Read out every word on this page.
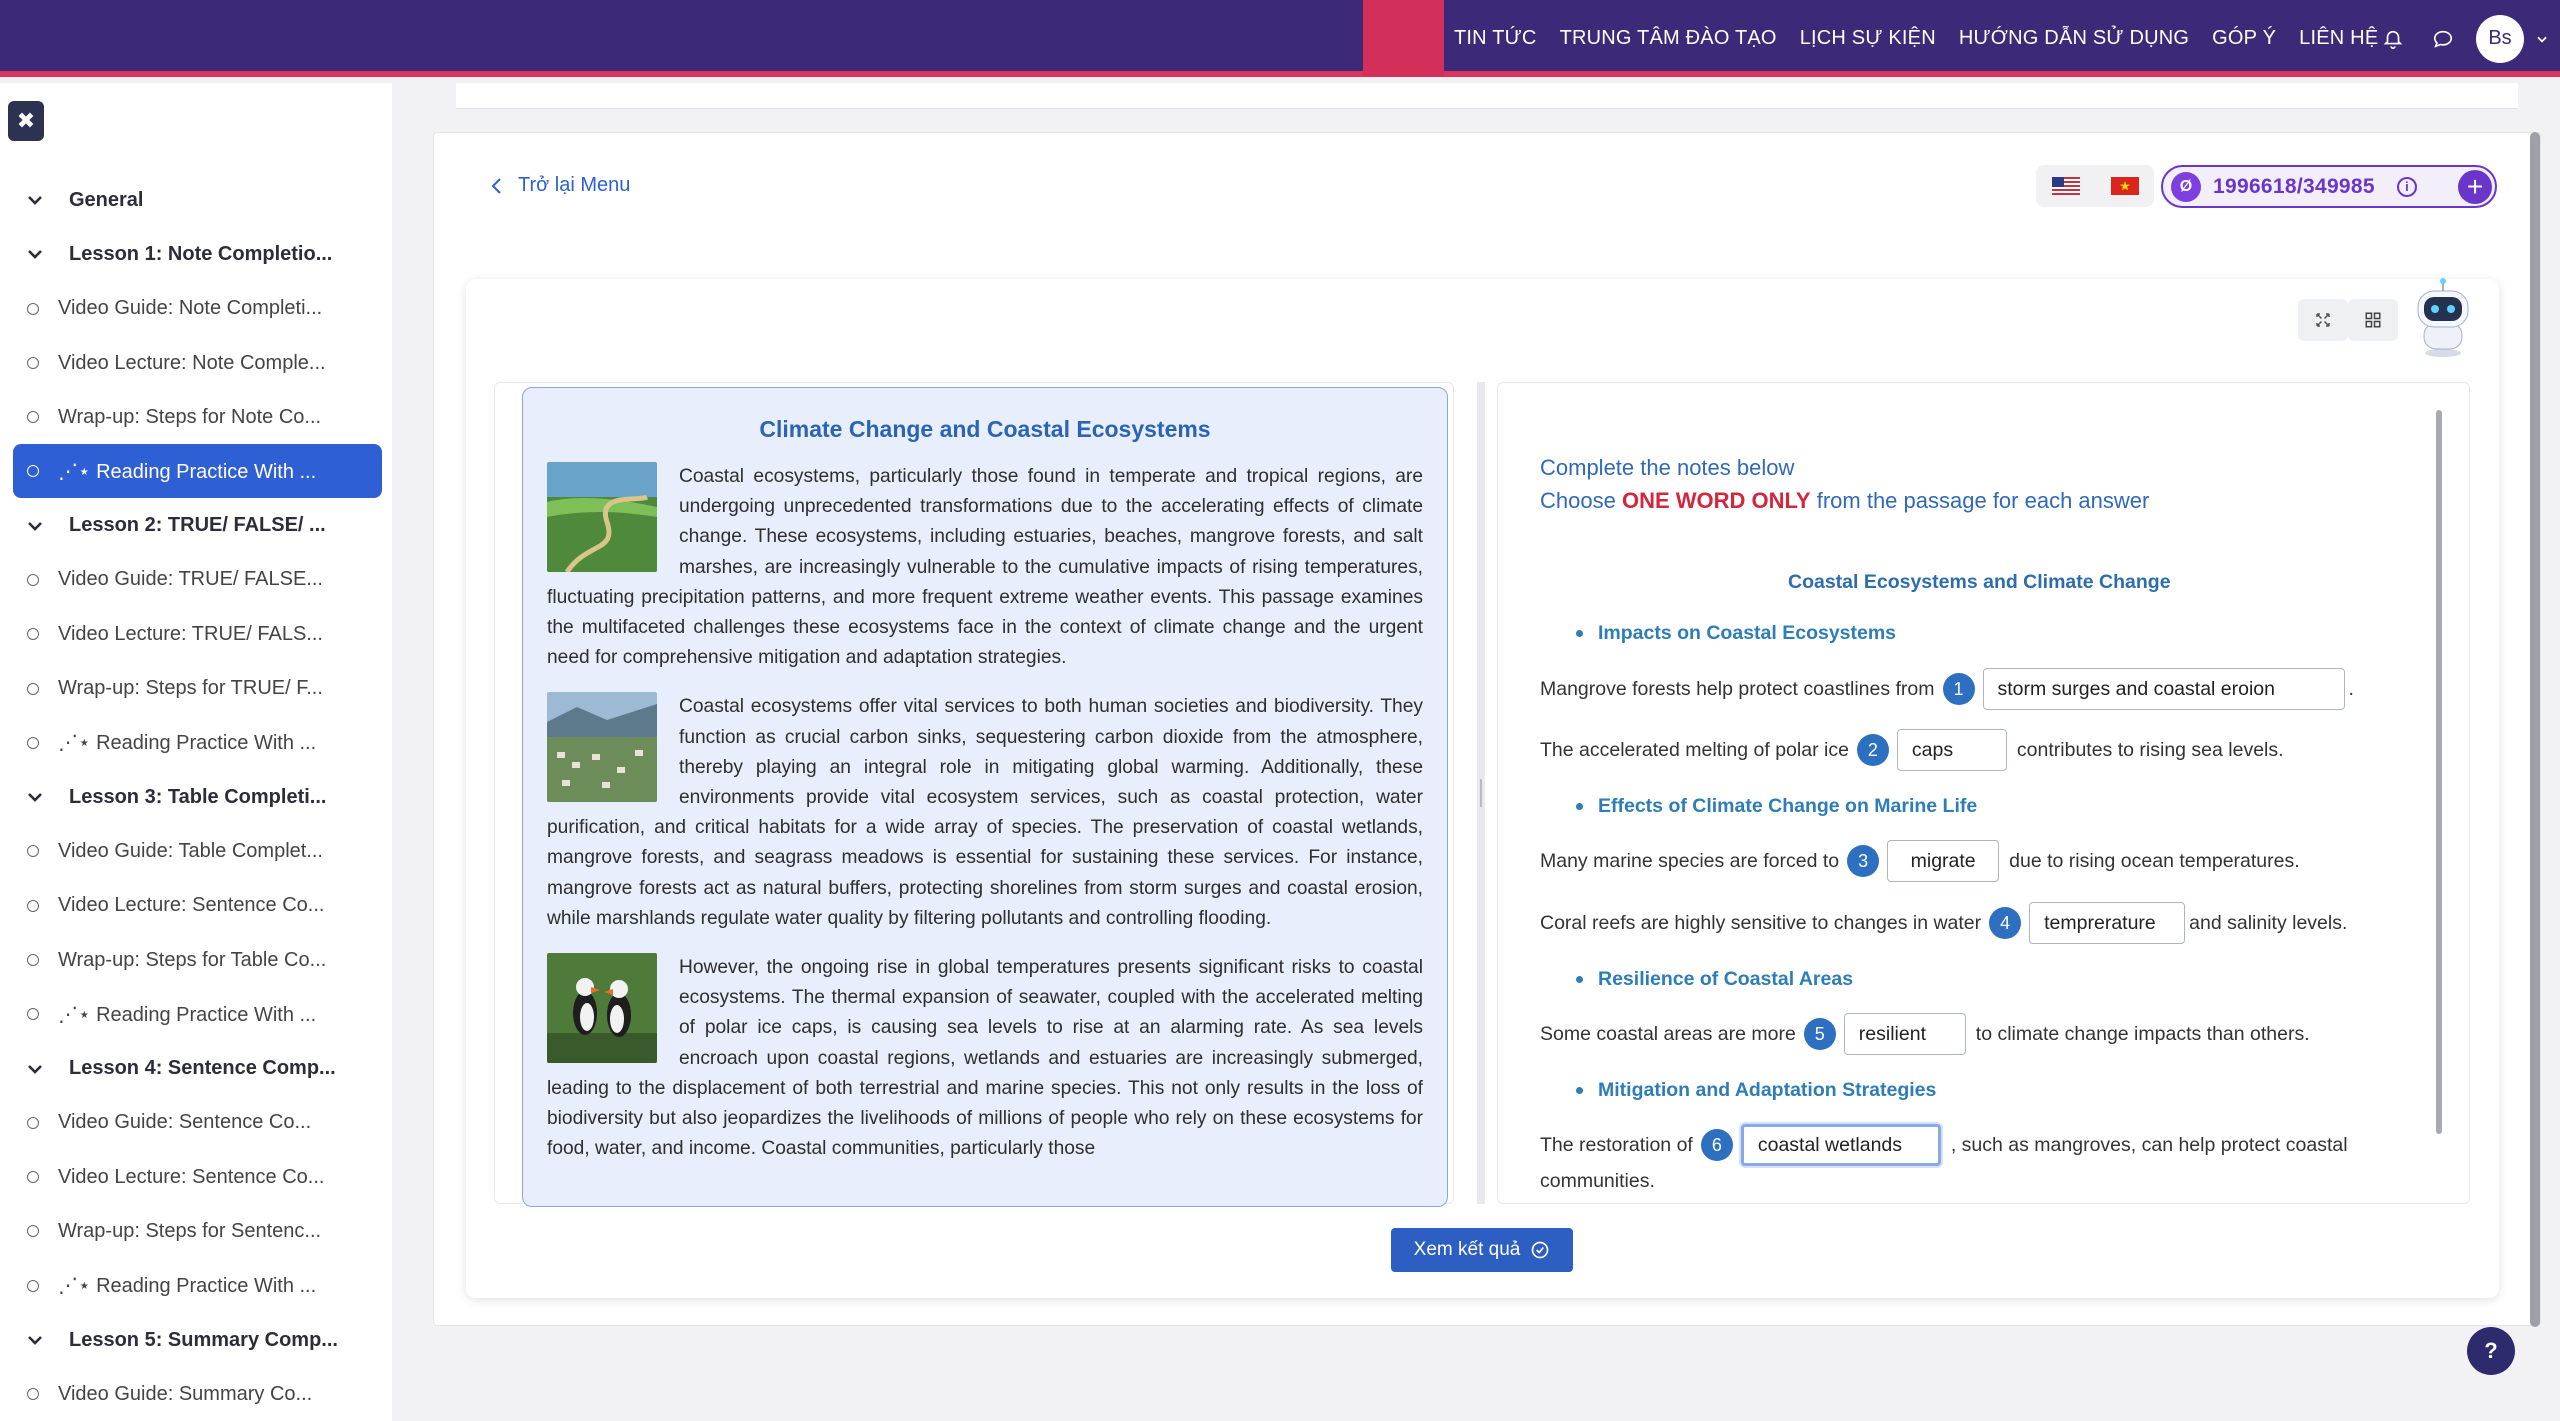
TIN TỨC TRUNG TÂM ĐÀO TẠO LỊCH SỰ KIỆN HƯỚNG DẪN SỬ DỤNG GÓP Ý LIÊN HỆ	Bs
✖
General
Lesson 1: Note Completio...
Video Guide: Note Completi...
Video Lecture: Note Comple...
Wrap-up: Steps for Note Co...
⋰⋆ Reading Practice With ...
Lesson 2: TRUE/ FALSE/ ...
Video Guide: TRUE/ FALSE...
Video Lecture: TRUE/ FALS...
Wrap-up: Steps for TRUE/ F...
⋰⋆ Reading Practice With ...
Lesson 3: Table Completi...
Video Guide: Table Complet...
Video Lecture: Sentence Co...
Wrap-up: Steps for Table Co...
⋰⋆ Reading Practice With ...
Lesson 4: Sentence Comp...
Video Guide: Sentence Co...
Video Lecture: Sentence Co...
Wrap-up: Steps for Sentenc...
⋰⋆ Reading Practice With ...
Lesson 5: Summary Comp...
Video Guide: Summary Co...
Trở lại Menu	Ø 1996618/349985	i	+
Climate Change and Coastal Ecosystems

Coastal ecosystems, particularly those found in temperate and tropical regions, are undergoing unprecedented transformations due to the accelerating effects of climate change. These ecosystems, including estuaries, beaches, mangrove forests, and salt marshes, are increasingly vulnerable to the cumulative impacts of rising temperatures, fluctuating precipitation patterns, and more frequent extreme weather events. This passage examines the multifaceted challenges these ecosystems face in the context of climate change and the urgent need for comprehensive mitigation and adaptation strategies.

Coastal ecosystems offer vital services to both human societies and biodiversity. They function as crucial carbon sinks, sequestering carbon dioxide from the atmosphere, thereby playing an integral role in mitigating global warming. Additionally, these environments provide vital ecosystem services, such as coastal protection, water purification, and critical habitats for a wide array of species. The preservation of coastal wetlands, mangrove forests, and seagrass meadows is essential for sustaining these services. For instance, mangrove forests act as natural buffers, protecting shorelines from storm surges and coastal erosion, while marshlands regulate water quality by filtering pollutants and controlling flooding.

However, the ongoing rise in global temperatures presents significant risks to coastal ecosystems. The thermal expansion of seawater, coupled with the accelerated melting of polar ice caps, is causing sea levels to rise at an alarming rate. As sea levels encroach upon coastal regions, wetlands and estuaries are increasingly submerged, leading to the displacement of both terrestrial and marine species. This not only results in the loss of biodiversity but also jeopardizes the livelihoods of millions of people who rely on these ecosystems for food, water, and income. Coastal communities, particularly those

Complete the notes below
Choose ONE WORD ONLY from the passage for each answer
Coastal Ecosystems and Climate Change
Impacts on Coastal Ecosystems
Mangrove forests help protect coastlines from	1	storm surges and coastal eroion	.
The accelerated melting of polar ice	2	caps	contributes to rising sea levels.
Effects of Climate Change on Marine Life
Many marine species are forced to	3	migrate	due to rising ocean temperatures.
Coral reefs are highly sensitive to changes in water	4	temprerature	and salinity levels.
Resilience of Coastal Areas
Some coastal areas are more	5	resilient	to climate change impacts than others.
Mitigation and Adaptation Strategies
The restoration of	6	coastal wetlands	, such as mangroves, can help protect coastal
communities.
Xem kết quả
?
